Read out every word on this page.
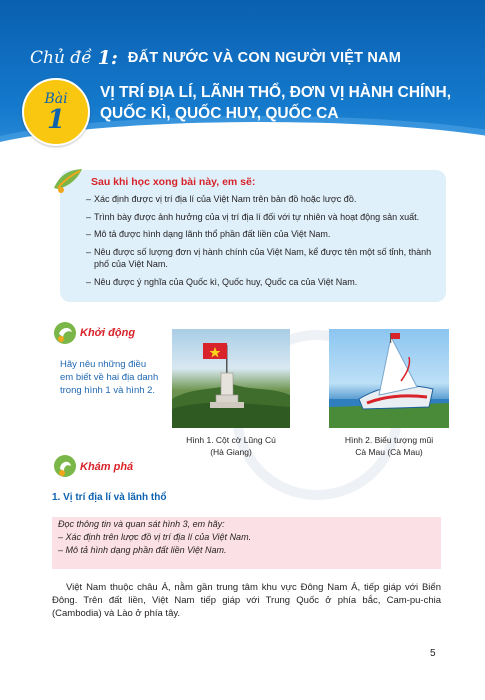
Chủ đề 1: ĐẤT NƯỚC VÀ CON NGƯỜI VIỆT NAM
Bài
1
VỊ TRÍ ĐỊA LÍ, LÃNH THỔ, ĐƠN VỊ HÀNH CHÍNH,
QUỐC KÌ, QUỐC HUY, QUỐC CA
Sau khi học xong bài này, em sẽ:
– Xác định được vị trí địa lí của Việt Nam trên bản đồ hoặc lược đồ.
– Trình bày được ảnh hưởng của vị trí địa lí đối với tự nhiên và hoạt động sản xuất.
– Mô tả được hình dạng lãnh thổ phần đất liền của Việt Nam.
– Nêu được số lượng đơn vị hành chính của Việt Nam, kể được tên một số tỉnh, thành phố của Việt Nam.
– Nêu được ý nghĩa của Quốc kì, Quốc huy, Quốc ca của Việt Nam.
Khởi động
Hãy nêu những điều em biết về hai địa danh trong hình 1 và hình 2.
Hình 1. Cột cờ Lũng Cú
(Hà Giang)
Hình 2. Biểu tượng mũi
Cà Mau (Cà Mau)
Khám phá
1. Vị trí địa lí và lãnh thổ
Đọc thông tin và quan sát hình 3, em hãy:
– Xác định trên lược đồ vị trí địa lí của Việt Nam.
– Mô tả hình dạng phần đất liền Việt Nam.
Việt Nam thuộc châu Á, nằm gần trung tâm khu vực Đông Nam Á, tiếp giáp với Biển Đông. Trên đất liền, Việt Nam tiếp giáp với Trung Quốc ở phía bắc, Cam-pu-chia (Cambodia) và Lào ở phía tây.
5
